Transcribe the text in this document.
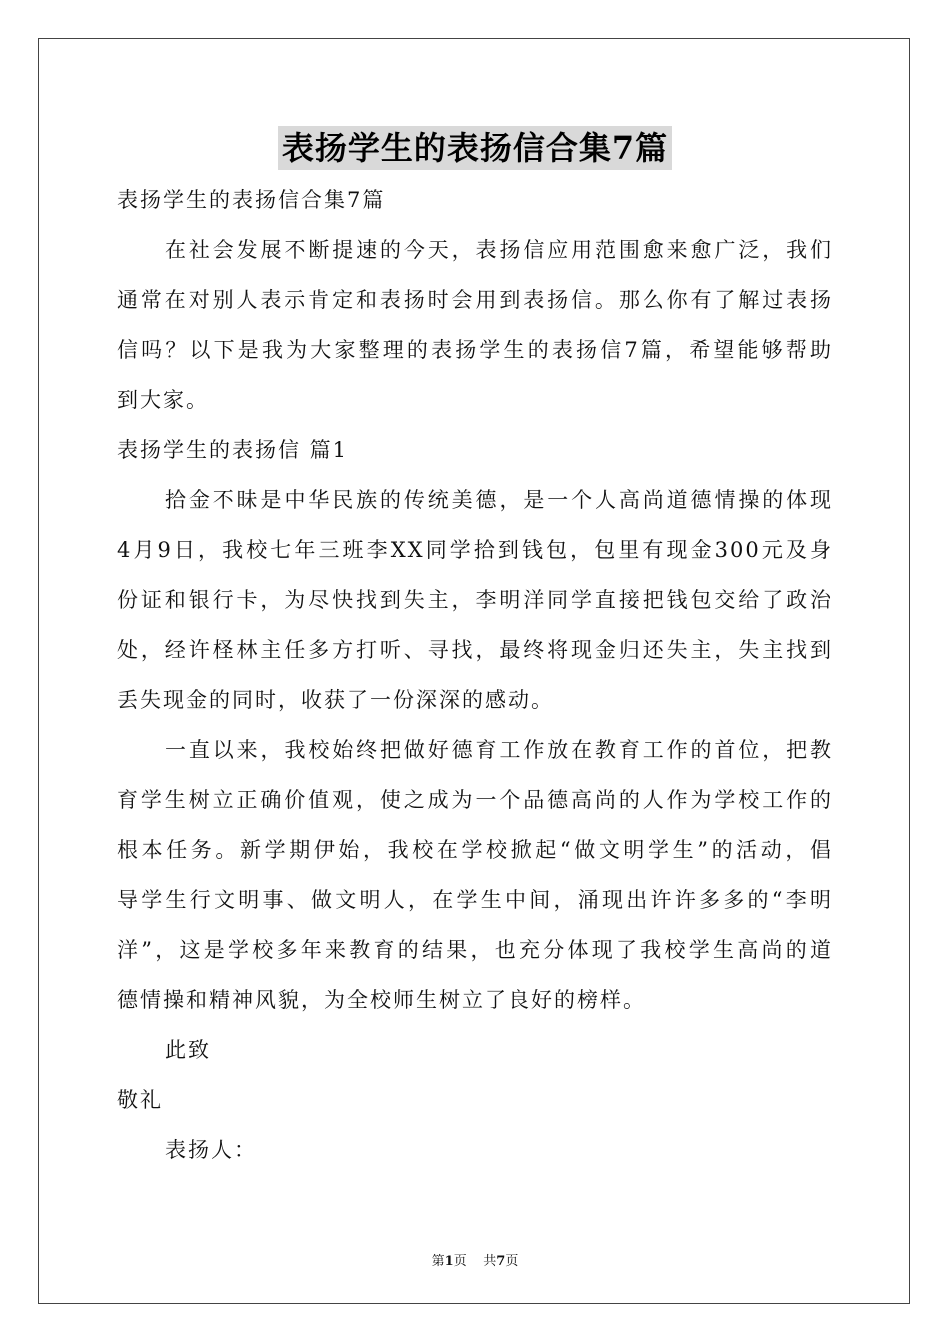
表扬学生的表扬信合集7篇
表扬学生的表扬信合集7篇
在社会发展不断提速的今天，表扬信应用范围愈来愈广泛，我们
通常在对别人表示肯定和表扬时会用到表扬信。那么你有了解过表扬
信吗？以下是我为大家整理的表扬学生的表扬信7篇，希望能够帮助
到大家。
表扬学生的表扬信 篇1
拾金不昧是中华民族的传统美德，是一个人高尚道德情操的体现
4月9日，我校七年三班李XX同学拾到钱包，包里有现金300元及身
份证和银行卡，为尽快找到失主，李明洋同学直接把钱包交给了政治
处，经许柽林主任多方打听、寻找，最终将现金归还失主，失主找到
丢失现金的同时，收获了一份深深的感动。
一直以来，我校始终把做好德育工作放在教育工作的首位，把教
育学生树立正确价值观，使之成为一个品德高尚的人作为学校工作的
根本任务。新学期伊始，我校在学校掀起“做文明学生”的活动，倡
导学生行文明事、做文明人，在学生中间，涌现出许许多多的“李明
洋”，这是学校多年来教育的结果，也充分体现了我校学生高尚的道
德情操和精神风貌，为全校师生树立了良好的榜样。
此致
敬礼
表扬人：
第1页 共7页
